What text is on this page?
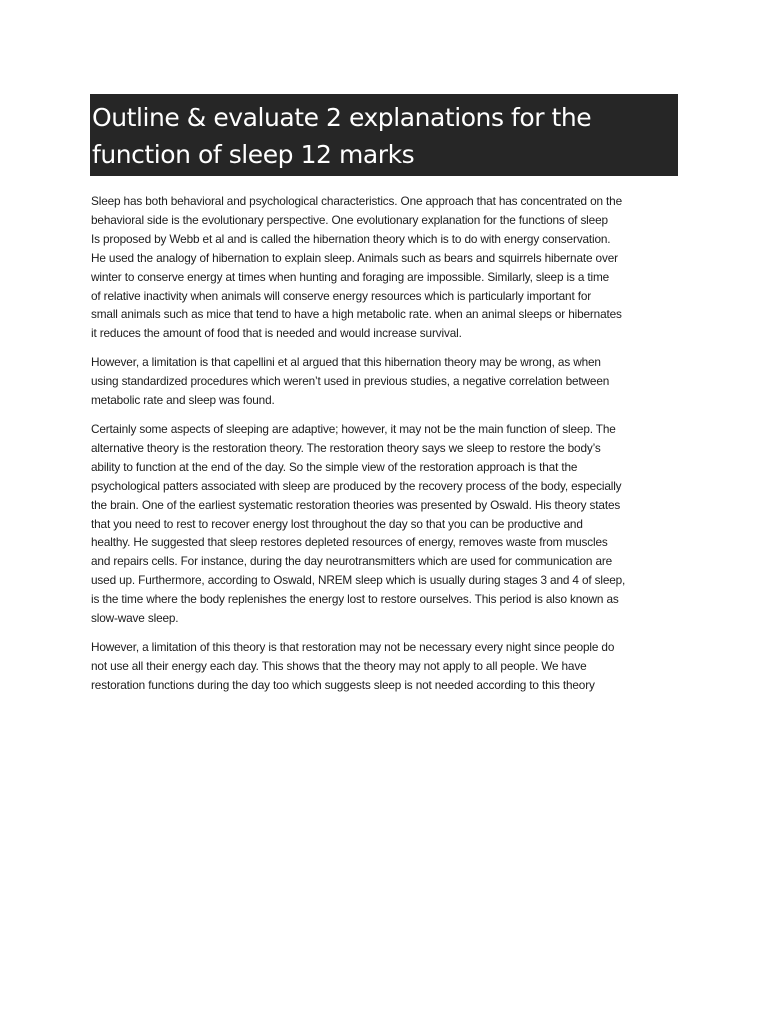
Outline & evaluate 2 explanations for the
function of sleep 12 marks
Sleep has both behavioral and psychological characteristics. One approach that has concentrated on the
behavioral side is the evolutionary perspective. One evolutionary explanation for the functions of sleep
Is proposed by Webb et al and is called the hibernation theory which is to do with energy conservation.
He used the analogy of hibernation to explain sleep. Animals such as bears and squirrels hibernate over
winter to conserve energy at times when hunting and foraging are impossible. Similarly, sleep is a time
of relative inactivity when animals will conserve energy resources which is particularly important for
small animals such as mice that tend to have a high metabolic rate. when an animal sleeps or hibernates
it reduces the amount of food that is needed and would increase survival.
However, a limitation is that capellini et al argued that this hibernation theory may be wrong, as when
using standardized procedures which weren’t used in previous studies, a negative correlation between
metabolic rate and sleep was found.
Certainly some aspects of sleeping are adaptive; however, it may not be the main function of sleep. The
alternative theory is the restoration theory. The restoration theory says we sleep to restore the body’s
ability to function at the end of the day. So the simple view of the restoration approach is that the
psychological patters associated with sleep are produced by the recovery process of the body, especially
the brain. One of the earliest systematic restoration theories was presented by Oswald. His theory states
that you need to rest to recover energy lost throughout the day so that you can be productive and
healthy. He suggested that sleep restores depleted resources of energy, removes waste from muscles
and repairs cells. For instance, during the day neurotransmitters which are used for communication are
used up. Furthermore, according to Oswald, NREM sleep which is usually during stages 3 and 4 of sleep,
is the time where the body replenishes the energy lost to restore ourselves. This period is also known as
slow-wave sleep.
However, a limitation of this theory is that restoration may not be necessary every night since people do
not use all their energy each day. This shows that the theory may not apply to all people. We have
restoration functions during the day too which suggests sleep is not needed according to this theory
